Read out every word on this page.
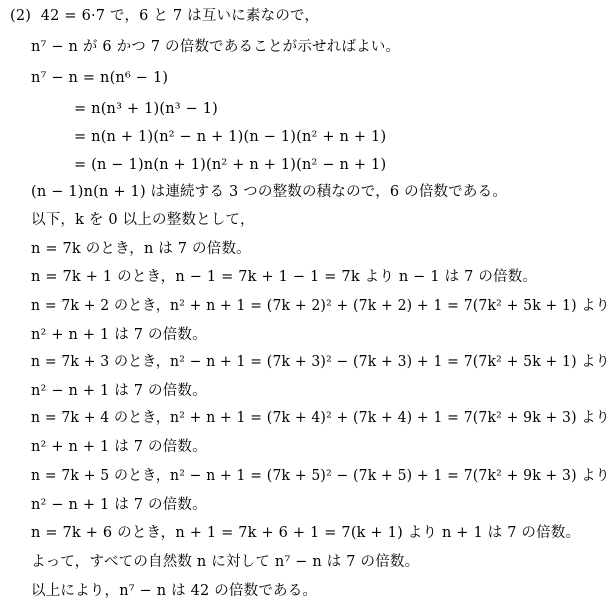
(2)  42 = 6·7 で，6 と 7 は互いに素なので，
n⁷ − n が 6 かつ 7 の倍数であることが示せればよい。
n⁷ − n = n(n⁶ − 1)
= n(n³ + 1)(n³ − 1)
= n(n + 1)(n² − n + 1)(n − 1)(n² + n + 1)
= (n − 1)n(n + 1)(n² + n + 1)(n² − n + 1)
(n − 1)n(n + 1) は連続する 3 つの整数の積なので，6 の倍数である。
以下，k を 0 以上の整数として，
n = 7k のとき，n は 7 の倍数。
n = 7k + 1 のとき，n − 1 = 7k + 1 − 1 = 7k より n − 1 は 7 の倍数。
n = 7k + 2 のとき，n² + n + 1 = (7k + 2)² + (7k + 2) + 1 = 7(7k² + 5k + 1) より
n² + n + 1 は 7 の倍数。
n = 7k + 3 のとき，n² − n + 1 = (7k + 3)² − (7k + 3) + 1 = 7(7k² + 5k + 1) より
n² − n + 1 は 7 の倍数。
n = 7k + 4 のとき，n² + n + 1 = (7k + 4)² + (7k + 4) + 1 = 7(7k² + 9k + 3) より
n² + n + 1 は 7 の倍数。
n = 7k + 5 のとき，n² − n + 1 = (7k + 5)² − (7k + 5) + 1 = 7(7k² + 9k + 3) より
n² − n + 1 は 7 の倍数。
n = 7k + 6 のとき，n + 1 = 7k + 6 + 1 = 7(k + 1) より n + 1 は 7 の倍数。
よって，すべての自然数 n に対して n⁷ − n は 7 の倍数。
以上により，n⁷ − n は 42 の倍数である。
